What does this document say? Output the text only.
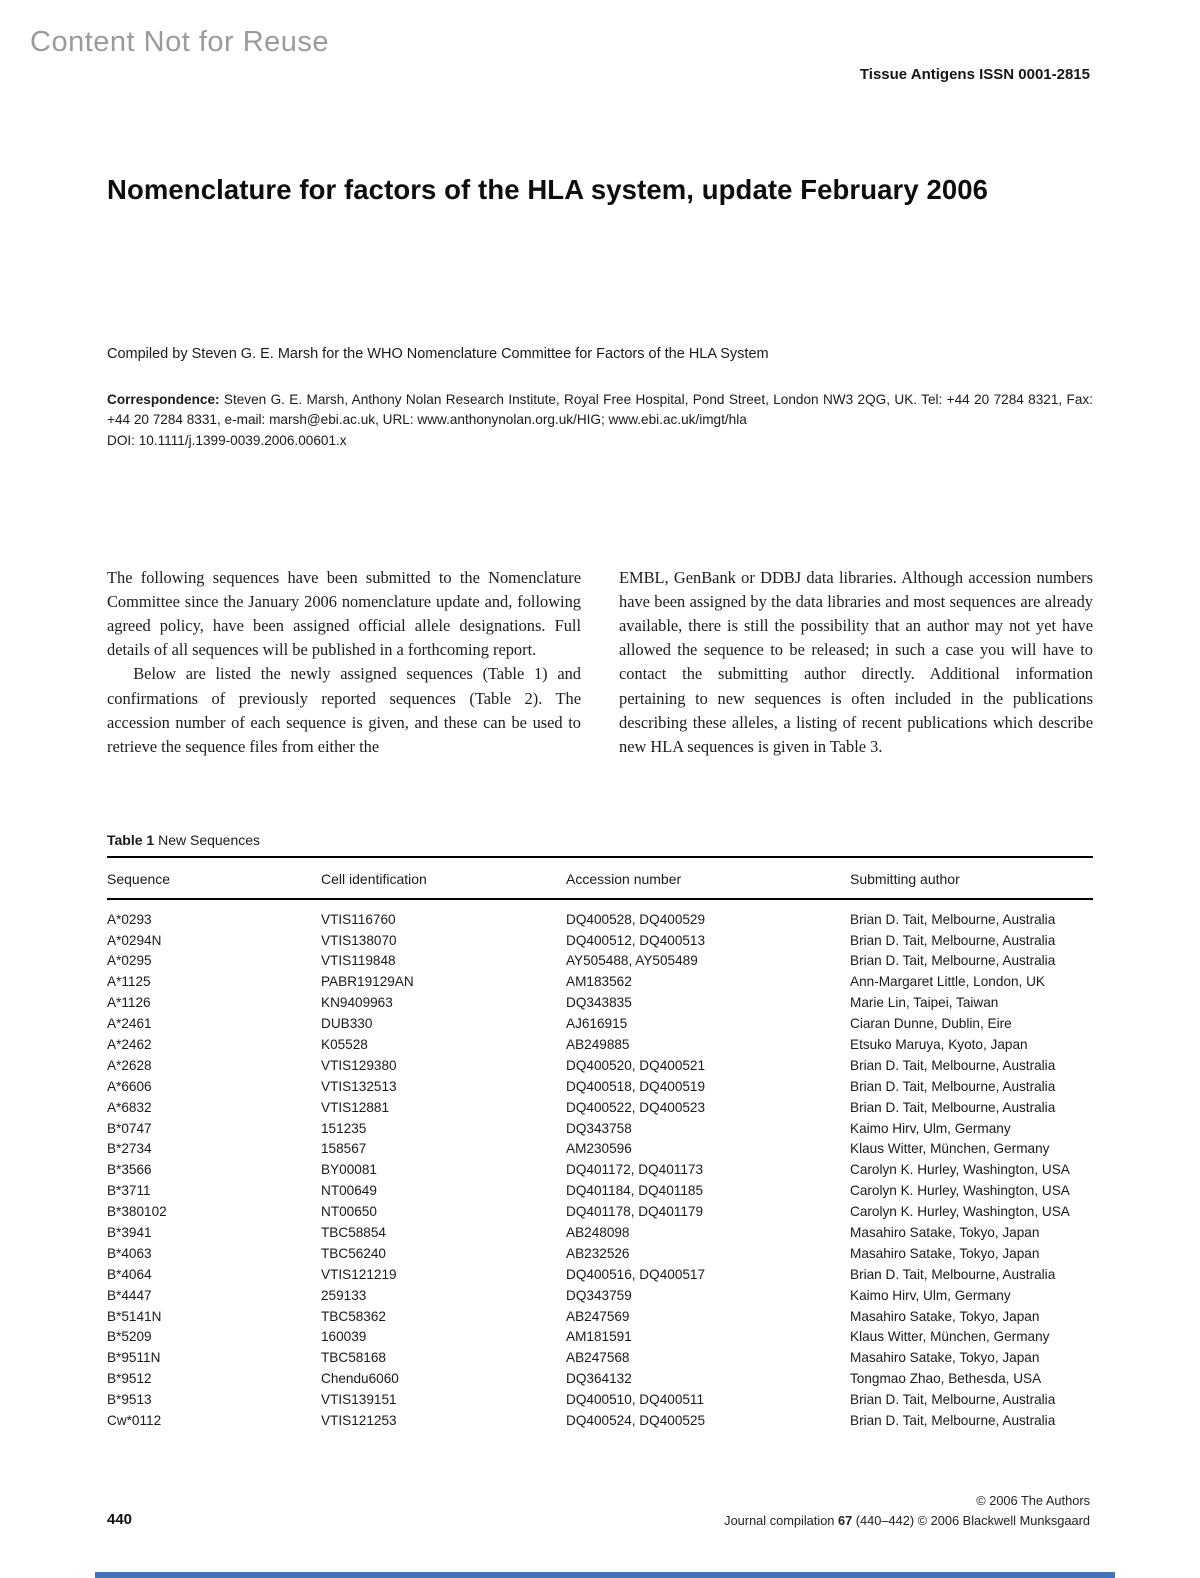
Content Not for Reuse
Tissue Antigens ISSN 0001-2815
Nomenclature for factors of the HLA system, update February 2006
Compiled by Steven G. E. Marsh for the WHO Nomenclature Committee for Factors of the HLA System
Correspondence: Steven G. E. Marsh, Anthony Nolan Research Institute, Royal Free Hospital, Pond Street, London NW3 2QG, UK. Tel: +44 20 7284 8321, Fax: +44 20 7284 8331, e-mail: marsh@ebi.ac.uk, URL: www.anthonynolan.org.uk/HIG; www.ebi.ac.uk/imgt/hla
DOI: 10.1111/j.1399-0039.2006.00601.x

The following sequences have been submitted to the Nomenclature Committee since the January 2006 nomenclature update and, following agreed policy, have been assigned official allele designations. Full details of all sequences will be published in a forthcoming report.

Below are listed the newly assigned sequences (Table 1) and confirmations of previously reported sequences (Table 2). The accession number of each sequence is given, and these can be used to retrieve the sequence files from either the

EMBL, GenBank or DDBJ data libraries. Although accession numbers have been assigned by the data libraries and most sequences are already available, there is still the possibility that an author may not yet have allowed the sequence to be released; in such a case you will have to contact the submitting author directly. Additional information pertaining to new sequences is often included in the publications describing these alleles, a listing of recent publications which describe new HLA sequences is given in Table 3.

Table 1 New Sequences
Sequence	Cell identification	Accession number	Submitting author
A*0293	VTIS116760	DQ400528, DQ400529	Brian D. Tait, Melbourne, Australia
A*0294N	VTIS138070	DQ400512, DQ400513	Brian D. Tait, Melbourne, Australia
A*0295	VTIS119848	AY505488, AY505489	Brian D. Tait, Melbourne, Australia
A*1125	PABR19129AN	AM183562	Ann-Margaret Little, London, UK
A*1126	KN9409963	DQ343835	Marie Lin, Taipei, Taiwan
A*2461	DUB330	AJ616915	Ciaran Dunne, Dublin, Eire
A*2462	K05528	AB249885	Etsuko Maruya, Kyoto, Japan
A*2628	VTIS129380	DQ400520, DQ400521	Brian D. Tait, Melbourne, Australia
A*6606	VTIS132513	DQ400518, DQ400519	Brian D. Tait, Melbourne, Australia
A*6832	VTIS12881	DQ400522, DQ400523	Brian D. Tait, Melbourne, Australia
B*0747	151235	DQ343758	Kaimo Hirv, Ulm, Germany
B*2734	158567	AM230596	Klaus Witter, München, Germany
B*3566	BY00081	DQ401172, DQ401173	Carolyn K. Hurley, Washington, USA
B*3711	NT00649	DQ401184, DQ401185	Carolyn K. Hurley, Washington, USA
B*380102	NT00650	DQ401178, DQ401179	Carolyn K. Hurley, Washington, USA
B*3941	TBC58854	AB248098	Masahiro Satake, Tokyo, Japan
B*4063	TBC56240	AB232526	Masahiro Satake, Tokyo, Japan
B*4064	VTIS121219	DQ400516, DQ400517	Brian D. Tait, Melbourne, Australia
B*4447	259133	DQ343759	Kaimo Hirv, Ulm, Germany
B*5141N	TBC58362	AB247569	Masahiro Satake, Tokyo, Japan
B*5209	160039	AM181591	Klaus Witter, München, Germany
B*9511N	TBC58168	AB247568	Masahiro Satake, Tokyo, Japan
B*9512	Chendu6060	DQ364132	Tongmao Zhao, Bethesda, USA
B*9513	VTIS139151	DQ400510, DQ400511	Brian D. Tait, Melbourne, Australia
Cw*0112	VTIS121253	DQ400524, DQ400525	Brian D. Tait, Melbourne, Australia
440
© 2006 The Authors
Journal compilation 67 (440–442) © 2006 Blackwell Munksgaard
